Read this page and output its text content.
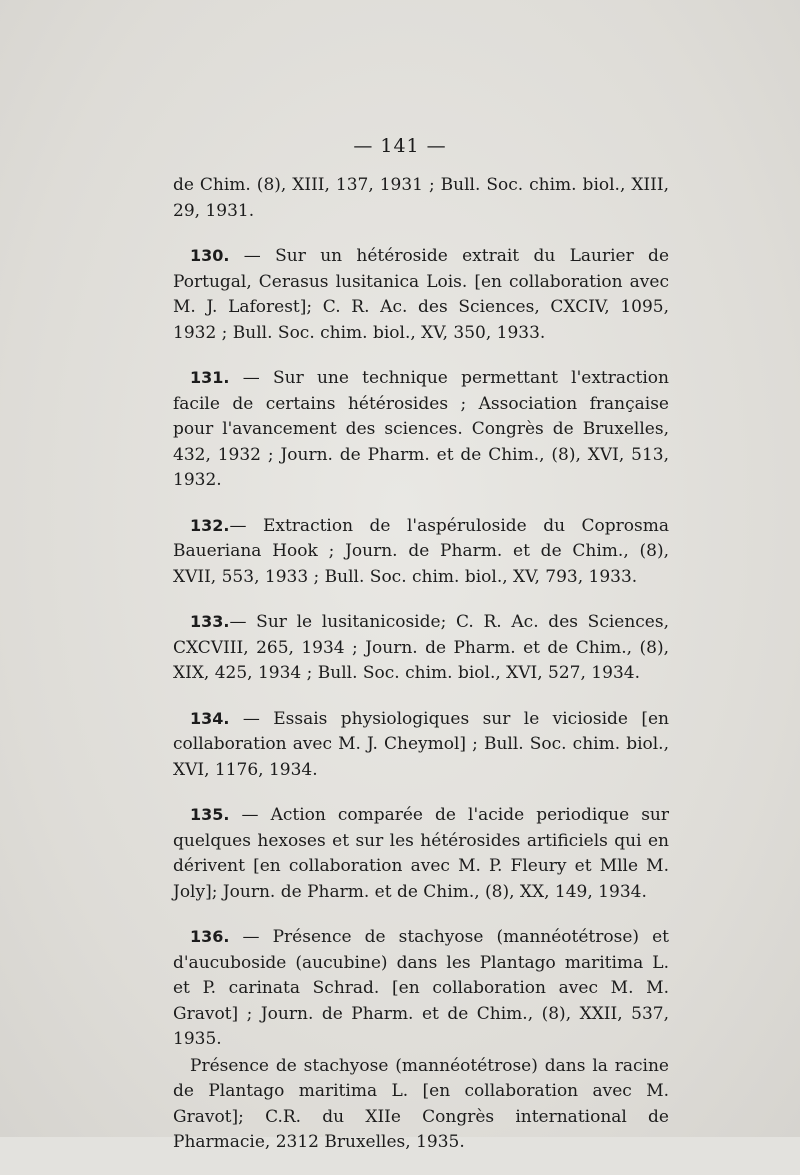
— 141 —
de Chim. (8), XIII, 137, 1931 ; Bull. Soc. chim. biol., XIII, 29, 1931.
130. — Sur un hétéroside extrait du Laurier de Portugal, Cerasus lusitanica Lois. [en collaboration avec M. J. Laforest]; C. R. Ac. des Sciences, CXCIV, 1095, 1932 ; Bull. Soc. chim. biol., XV, 350, 1933.
131. — Sur une technique permettant l'extraction facile de certains hétérosides ; Association française pour l'avancement des sciences. Congrès de Bruxelles, 432, 1932 ; Journ. de Pharm. et de Chim., (8), XVI, 513, 1932.
132.— Extraction de l'aspéruloside du Coprosma Baueriana Hook ; Journ. de Pharm. et de Chim., (8), XVII, 553, 1933 ; Bull. Soc. chim. biol., XV, 793, 1933.
133.— Sur le lusitanicoside; C. R. Ac. des Sciences, CXCVIII, 265, 1934 ; Journ. de Pharm. et de Chim., (8), XIX, 425, 1934 ; Bull. Soc. chim. biol., XVI, 527, 1934.
134. — Essais physiologiques sur le vicioside [en collaboration avec M. J. Cheymol] ; Bull. Soc. chim. biol., XVI, 1176, 1934.
135. — Action comparée de l'acide periodique sur quelques hexoses et sur les hétérosides artificiels qui en dérivent [en collaboration avec M. P. Fleury et Mlle M. Joly]; Journ. de Pharm. et de Chim., (8), XX, 149, 1934.
136. — Présence de stachyose (mannéotétrose) et d'aucuboside (aucubine) dans les Plantago maritima L. et P. carinata Schrad. [en collaboration avec M. M. Gravot] ; Journ. de Pharm. et de Chim., (8), XXII, 537, 1935.
Présence de stachyose (mannéotétrose) dans la racine de Plantago maritima L. [en collaboration avec M. Gravot]; C.R. du XIIe Congrès international de Pharmacie, 2312 Bruxelles, 1935.
